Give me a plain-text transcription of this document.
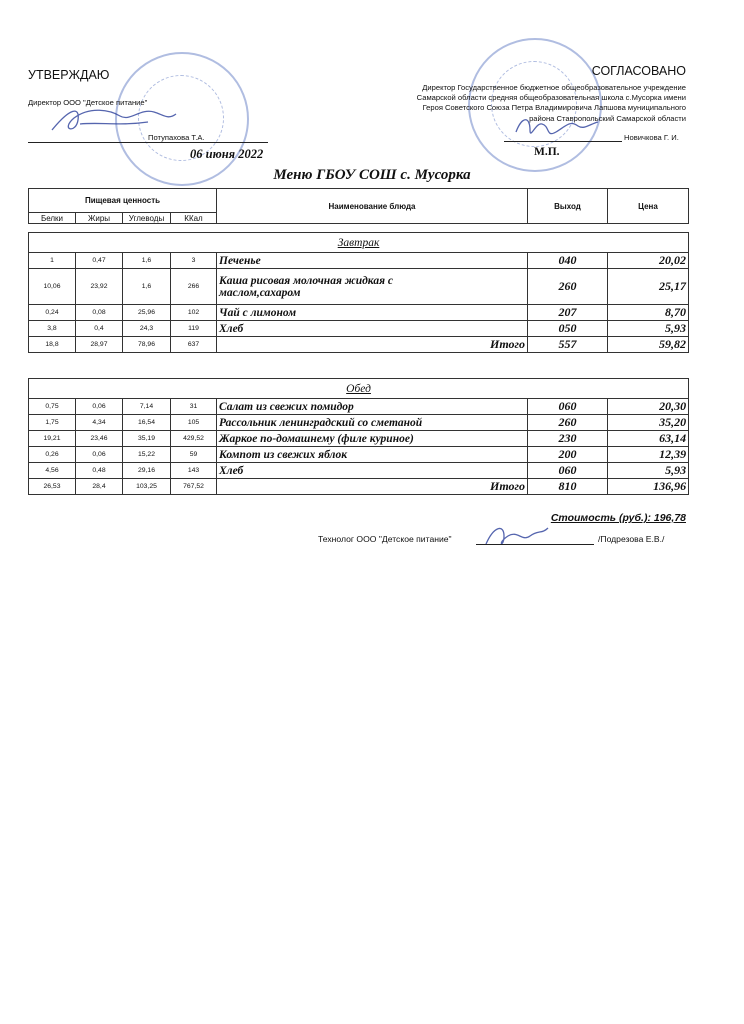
УТВЕРЖДАЮ
Директор ООО "Детское питание"
Потупахова Т.А.
06 июня 2022
СОГЛАСОВАНО
Директор Государственное бюджетное общеобразовательное учреждение
Самарской области средняя общеобразовательная школа с.Мусорка имени
Героя Советского Союза Петра Владимировича Лапшова муниципального
района Ставропольский Самарской области
Новичкова Г. И.
М.П.
Меню ГБОУ СОШ с. Мусорка
Пищевая ценность				Наименование блюда	Выход	Цена
Белки	Жиры	Углеводы	ККал			
Завтрак						
1	0,47	1,6	3	Печенье	040	20,02
10,06	23,92	1,6	266	Каша рисовая молочная жидкая с маслом,сахаром	260	25,17
0,24	0,08	25,96	102	Чай с лимоном	207	8,70
3,8	0,4	24,3	119	Хлеб	050	5,93
18,8	28,97	78,96	637	Итого	557	59,82
Обед						
0,75	0,06	7,14	31	Салат из свежих помидор	060	20,30
1,75	4,34	16,54	105	Рассольник ленинградский со сметаной	260	35,20
19,21	23,46	35,19	429,52	Жаркое по-домашнему (филе куриное)	230	63,14
0,26	0,06	15,22	59	Компот из свежих яблок	200	12,39
4,56	0,48	29,16	143	Хлеб	060	5,93
26,53	28,4	103,25	767,52	Итого	810	136,96
Стоимость (руб.): 196,78
Технолог ООО "Детское питание"	/Подрезова Е.В./
